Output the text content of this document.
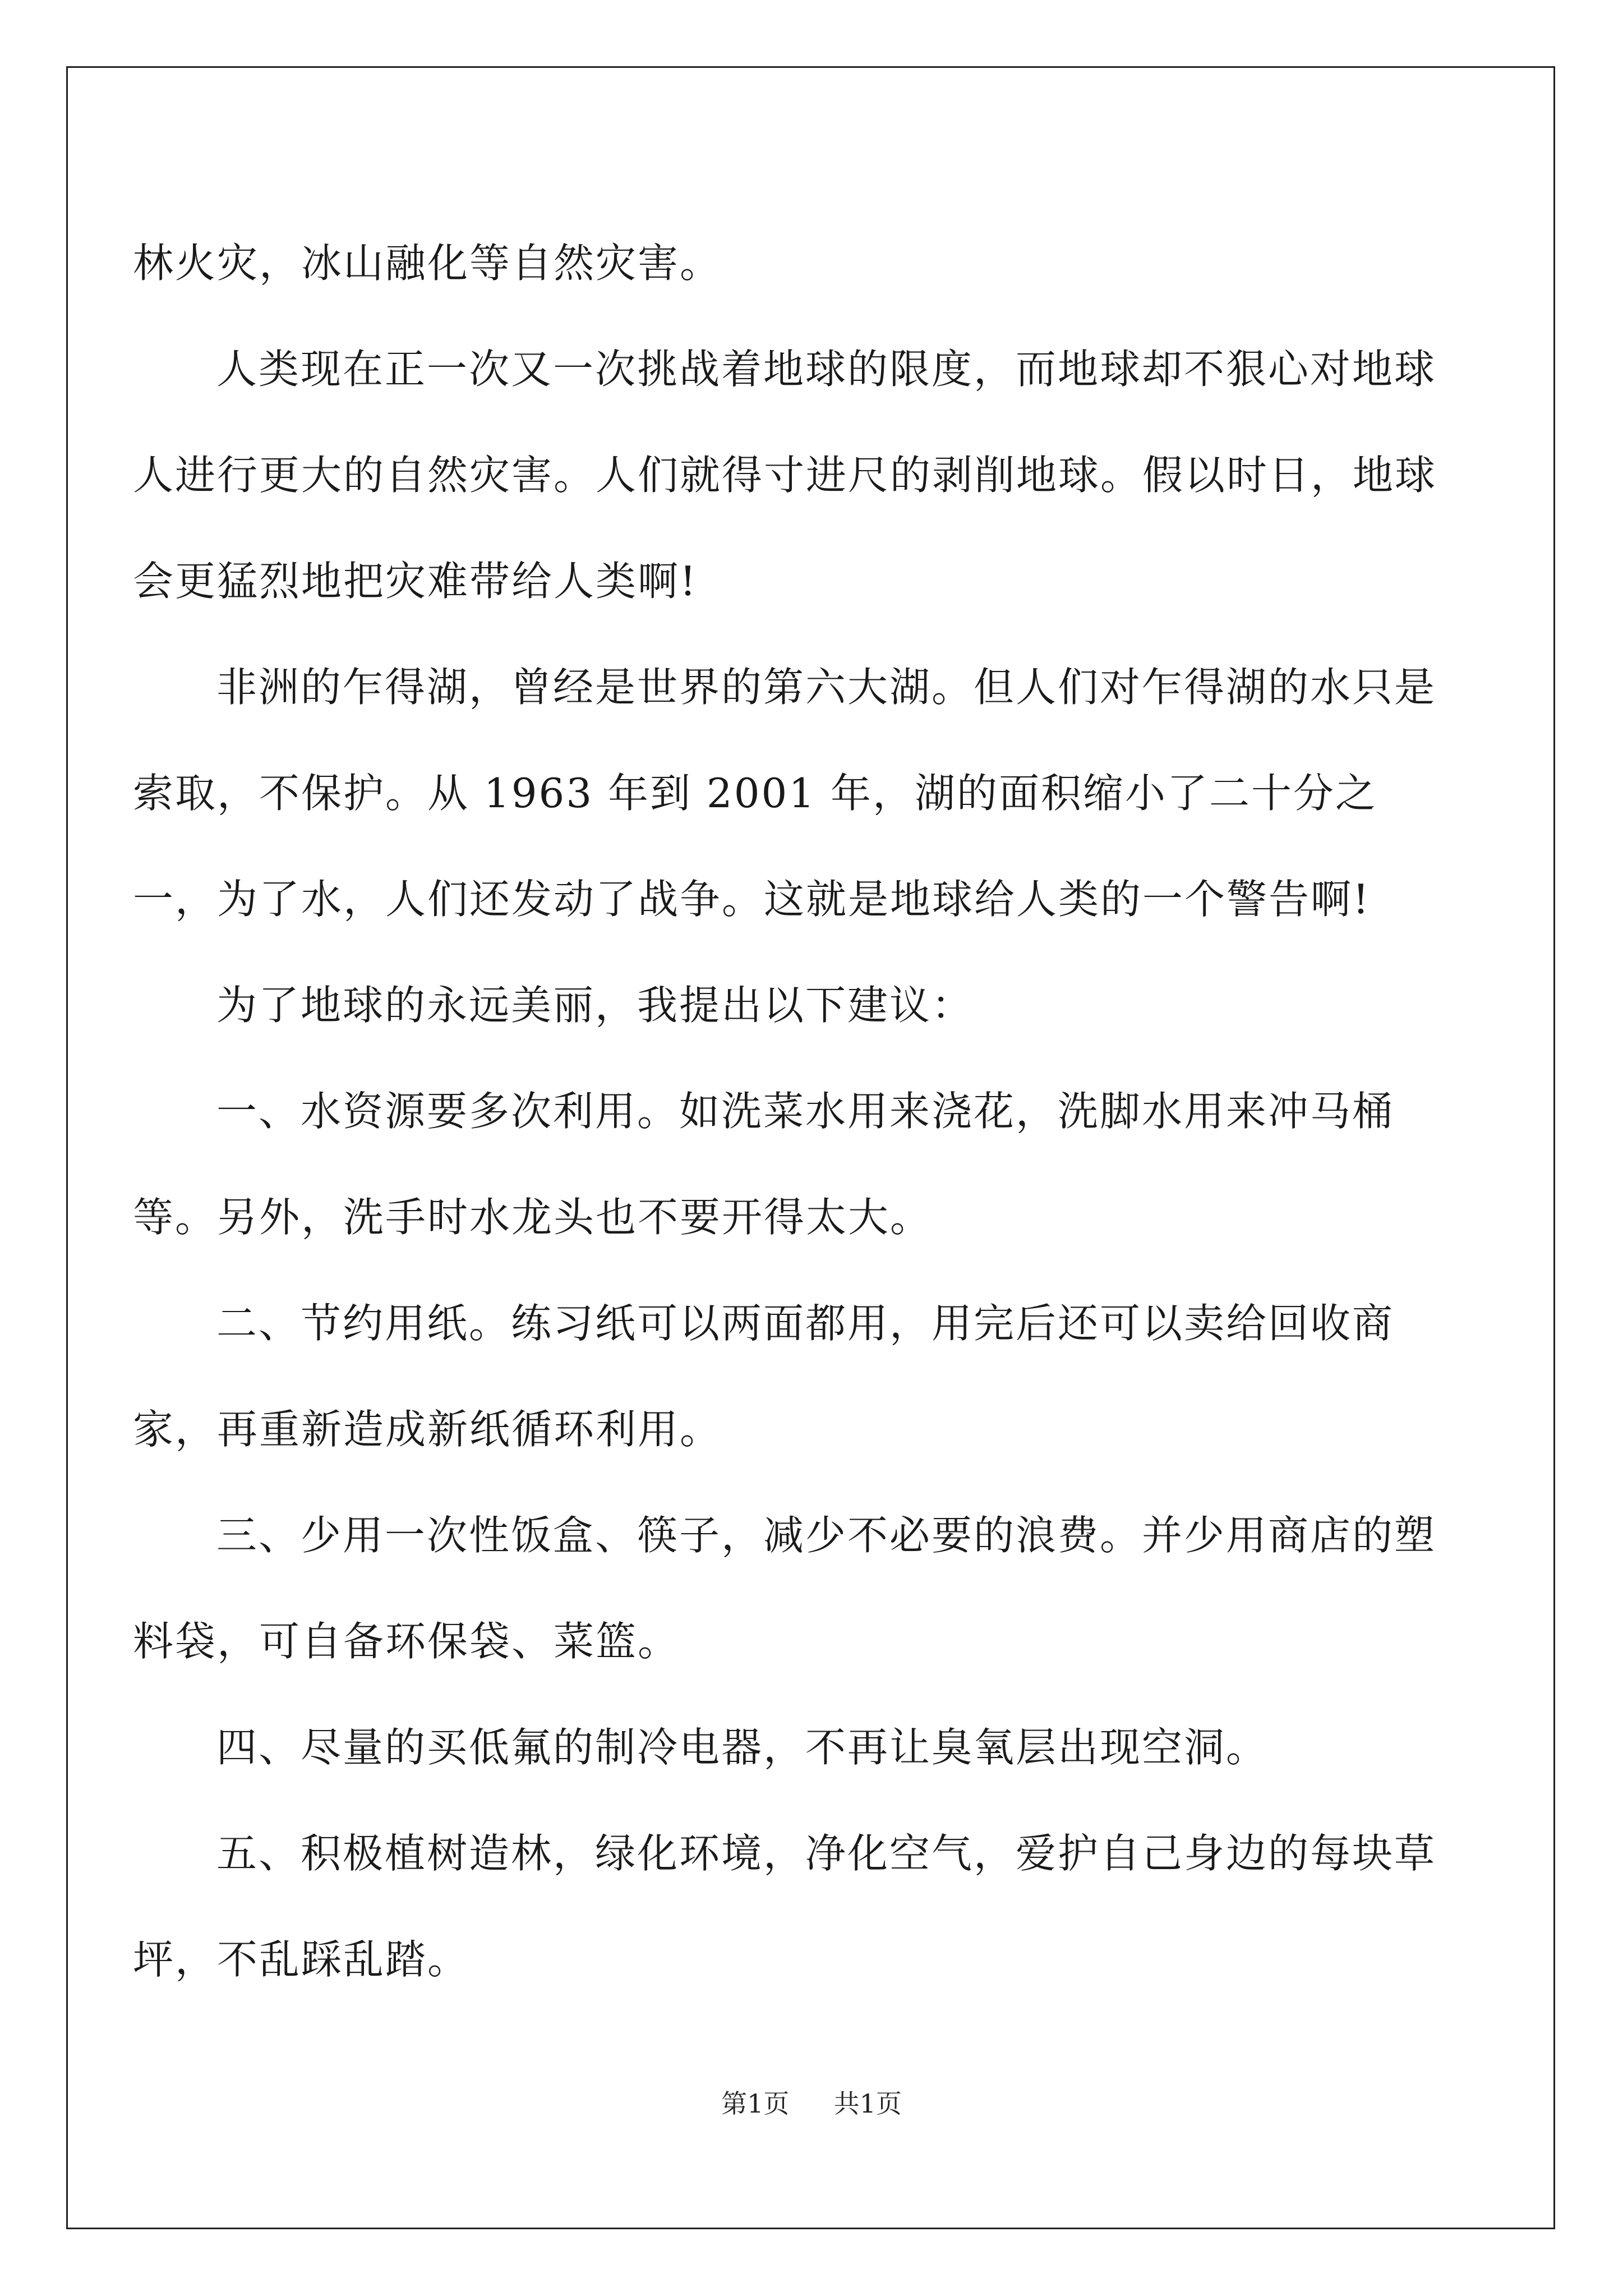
林火灾，冰山融化等自然灾害。

人类现在正一次又一次挑战着地球的限度，而地球却不狠心对地球人进行更大的自然灾害。人们就得寸进尺的剥削地球。假以时日，地球会更猛烈地把灾难带给人类啊!

非洲的乍得湖，曾经是世界的第六大湖。但人们对乍得湖的水只是索取，不保护。从 1963 年到 2001 年，湖的面积缩小了二十分之一，为了水，人们还发动了战争。这就是地球给人类的一个警告啊!

为了地球的永远美丽，我提出以下建议：

一、水资源要多次利用。如洗菜水用来浇花，洗脚水用来冲马桶等。另外，洗手时水龙头也不要开得太大。

二、节约用纸。练习纸可以两面都用，用完后还可以卖给回收商家，再重新造成新纸循环利用。

三、少用一次性饭盒、筷子，减少不必要的浪费。并少用商店的塑料袋，可自备环保袋、菜篮。

四、尽量的买低氟的制冷电器，不再让臭氧层出现空洞。

五、积极植树造林，绿化环境，净化空气，爱护自己身边的每块草坪，不乱踩乱踏。

第1页 共1页
